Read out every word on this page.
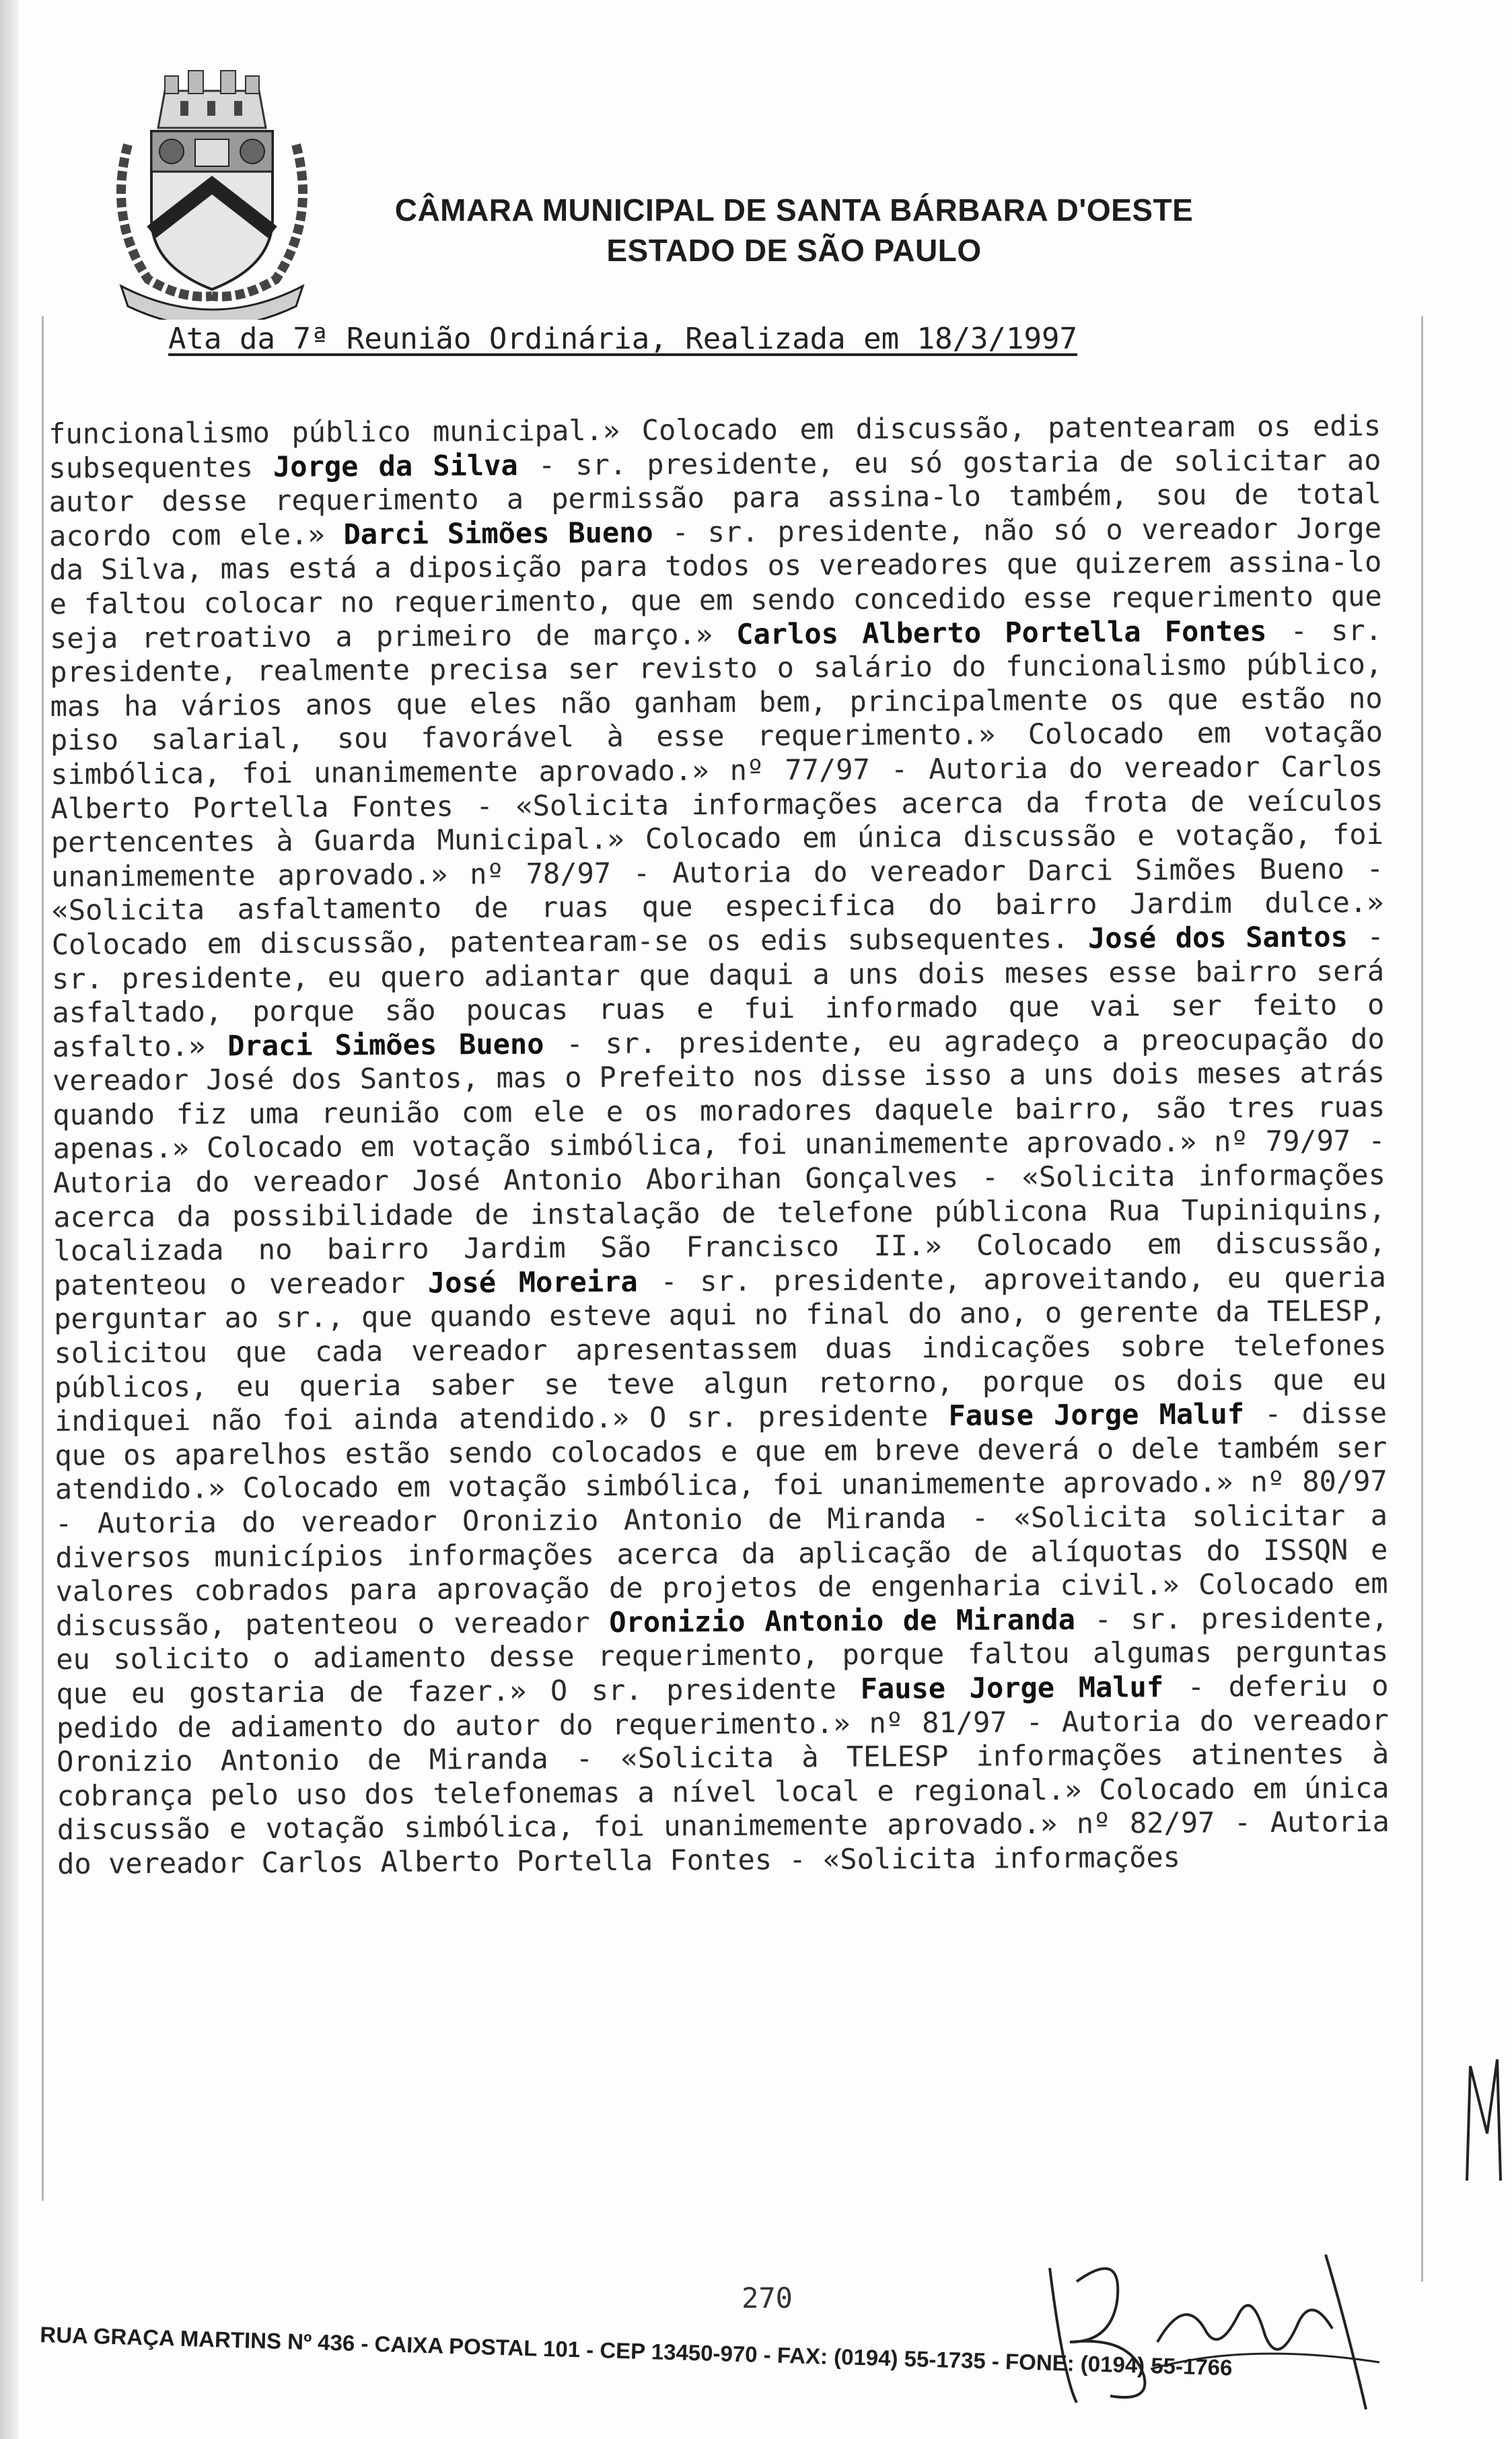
CÂMARA MUNICIPAL DE SANTA BÁRBARA D'OESTE
ESTADO DE SÃO PAULO
Ata da 7ª Reunião Ordinária, Realizada em 18/3/1997

funcionalismo público municipal.» Colocado em discussão, patentearam os edis subsequentes Jorge da Silva - sr. presidente, eu só gostaria de solicitar ao autor desse requerimento a permissão para assina-lo também, sou de total acordo com ele.» Darci Simões Bueno - sr. presidente, não só o vereador Jorge da Silva, mas está a diposição para todos os vereadores que quizerem assina-lo e faltou colocar no requerimento, que em sendo concedido esse requerimento que seja retroativo a primeiro de março.» Carlos Alberto Portella Fontes - sr. presidente, realmente precisa ser revisto o salário do funcionalismo público, mas ha vários anos que eles não ganham bem, principalmente os que estão no piso salarial, sou favorável à esse requerimento.» Colocado em votação simbólica, foi unanimemente aprovado.» nº 77/97 - Autoria do vereador Carlos Alberto Portella Fontes - «Solicita informações acerca da frota de veículos pertencentes à Guarda Municipal.» Colocado em única discussão e votação, foi unanimemente aprovado.» nº 78/97 - Autoria do vereador Darci Simões Bueno - «Solicita asfaltamento de ruas que especifica do bairro Jardim dulce.» Colocado em discussão, patentearam-se os edis subsequentes. José dos Santos - sr. presidente, eu quero adiantar que daqui a uns dois meses esse bairro será asfaltado, porque são poucas ruas e fui informado que vai ser feito o asfalto.» Draci Simões Bueno - sr. presidente, eu agradeço a preocupação do vereador José dos Santos, mas o Prefeito nos disse isso a uns dois meses atrás quando fiz uma reunião com ele e os moradores daquele bairro, são tres ruas apenas.» Colocado em votação simbólica, foi unanimemente aprovado.» nº 79/97 - Autoria do vereador José Antonio Aborihan Gonçalves - «Solicita informações acerca da possibilidade de instalação de telefone públicona Rua Tupiniquins, localizada no bairro Jardim São Francisco II.» Colocado em discussão, patenteou o vereador José Moreira - sr. presidente, aproveitando, eu queria perguntar ao sr., que quando esteve aqui no final do ano, o gerente da TELESP, solicitou que cada vereador apresentassem duas indicações sobre telefones públicos, eu queria saber se teve algun retorno, porque os dois que eu indiquei não foi ainda atendido.» O sr. presidente Fause Jorge Maluf - disse que os aparelhos estão sendo colocados e que em breve deverá o dele também ser atendido.» Colocado em votação simbólica, foi unanimemente aprovado.» nº 80/97 - Autoria do vereador Oronizio Antonio de Miranda - «Solicita solicitar a diversos municípios informações acerca da aplicação de alíquotas do ISSQN e valores cobrados para aprovação de projetos de engenharia civil.» Colocado em discussão, patenteou o vereador Oronizio Antonio de Miranda - sr. presidente, eu solicito o adiamento desse requerimento, porque faltou algumas perguntas que eu gostaria de fazer.» O sr. presidente Fause Jorge Maluf - deferiu o pedido de adiamento do autor do requerimento.» nº 81/97 - Autoria do vereador Oronizio Antonio de Miranda - «Solicita à TELESP informações atinentes à cobrança pelo uso dos telefonemas a nível local e regional.» Colocado em única discussão e votação simbólica, foi unanimemente aprovado.» nº 82/97 - Autoria do vereador Carlos Alberto Portella Fontes - «Solicita informações

270
RUA GRAÇA MARTINS Nº 436 - CAIXA POSTAL 101 - CEP 13450-970 - FAX: (0194) 55-1735 - FONE: (0194) 55-1766
